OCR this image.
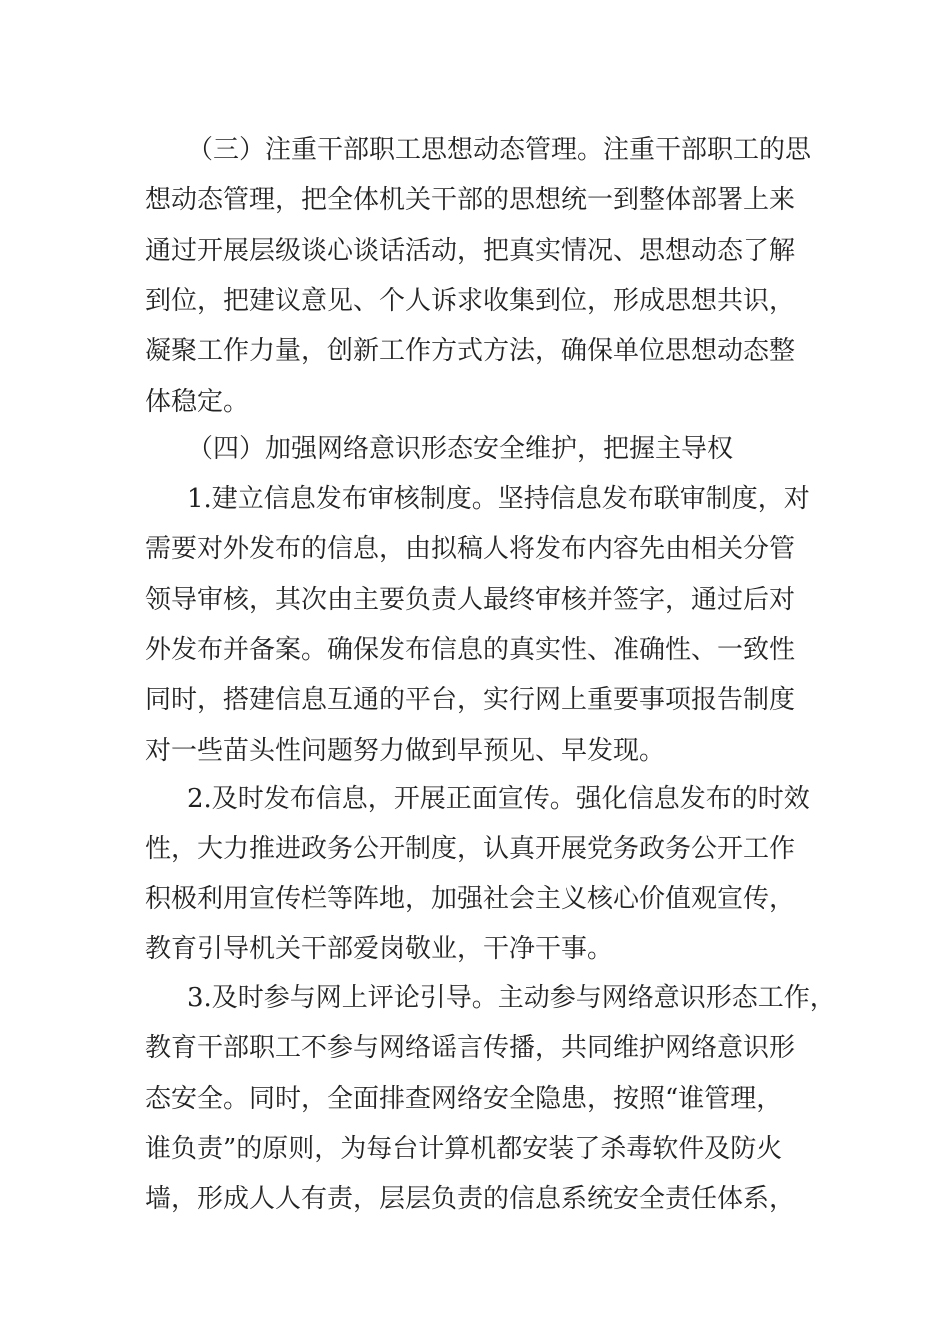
（三）注重干部职工思想动态管理。注重干部职工的思

想动态管理，把全体机关干部的思想统一到整体部署上来

通过开展层级谈心谈话活动，把真实情况、思想动态了解

到位，把建议意见、个人诉求收集到位，形成思想共识，

凝聚工作力量，创新工作方式方法，确保单位思想动态整

体稳定。

（四）加强网络意识形态安全维护，把握主导权

1.建立信息发布审核制度。坚持信息发布联审制度，对

需要对外发布的信息，由拟稿人将发布内容先由相关分管

领导审核，其次由主要负责人最终审核并签字，通过后对

外发布并备案。确保发布信息的真实性、准确性、一致性

同时，搭建信息互通的平台，实行网上重要事项报告制度

对一些苗头性问题努力做到早预见、早发现。

2.及时发布信息，开展正面宣传。强化信息发布的时效

性，大力推进政务公开制度，认真开展党务政务公开工作

积极利用宣传栏等阵地，加强社会主义核心价值观宣传，

教育引导机关干部爱岗敬业，干净干事。

3.及时参与网上评论引导。主动参与网络意识形态工作，

教育干部职工不参与网络谣言传播，共同维护网络意识形

态安全。同时，全面排查网络安全隐患，按照“谁管理，

谁负责”的原则，为每台计算机都安装了杀毒软件及防火

墙，形成人人有责，层层负责的信息系统安全责任体系，
